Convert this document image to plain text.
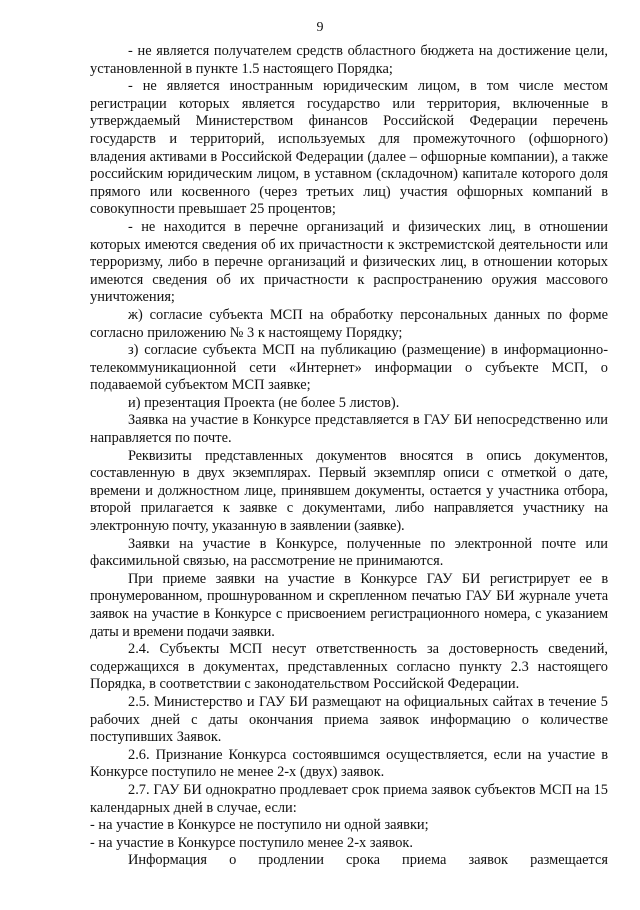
9

- не является получателем средств областного бюджета на достижение цели, установленной в пункте 1.5 настоящего Порядка;

- не является иностранным юридическим лицом, в том числе местом регистрации которых является государство или территория, включенные в утверждаемый Министерством финансов Российской Федерации перечень государств и территорий, используемых для промежуточного (офшорного) владения активами в Российской Федерации (далее – офшорные компании), а также российским юридическим лицом, в уставном (складочном) капитале которого доля прямого или косвенного (через третьих лиц) участия офшорных компаний в совокупности превышает 25 процентов;

- не находится в перечне организаций и физических лиц, в отношении которых имеются сведения об их причастности к экстремистской деятельности или терроризму, либо в перечне организаций и физических лиц, в отношении которых имеются сведения об их причастности к распространению оружия массового уничтожения;

ж) согласие субъекта МСП на обработку персональных данных по форме согласно приложению № 3 к настоящему Порядку;

з) согласие субъекта МСП на публикацию (размещение) в информационно-телекоммуникационной сети «Интернет» информации о субъекте МСП, о подаваемой субъектом МСП заявке;

и) презентация Проекта (не более 5 листов).

Заявка на участие в Конкурсе представляется в ГАУ БИ непосредственно или направляется по почте.

Реквизиты представленных документов вносятся в опись документов, составленную в двух экземплярах. Первый экземпляр описи с отметкой о дате, времени и должностном лице, принявшем документы, остается у участника отбора, второй прилагается к заявке с документами, либо направляется участнику на электронную почту, указанную в заявлении (заявке).

Заявки на участие в Конкурсе, полученные по электронной почте или факсимильной связью, на рассмотрение не принимаются.

При приеме заявки на участие в Конкурсе ГАУ БИ регистрирует ее в пронумерованном, прошнурованном и скрепленном печатью ГАУ БИ журнале учета заявок на участие в Конкурсе с присвоением регистрационного номера, с указанием даты и времени подачи заявки.

2.4. Субъекты МСП несут ответственность за достоверность сведений, содержащихся в документах, представленных согласно пункту 2.3 настоящего Порядка, в соответствии с законодательством Российской Федерации.

2.5. Министерство и ГАУ БИ размещают на официальных сайтах в течение 5 рабочих дней с даты окончания приема заявок информацию о количестве поступивших Заявок.

2.6. Признание Конкурса состоявшимся осуществляется, если на участие в Конкурсе поступило не менее 2-х (двух) заявок.

2.7. ГАУ БИ однократно продлевает срок приема заявок субъектов МСП на 15 календарных дней в случае, если:

- на участие в Конкурсе не поступило ни одной заявки;

- на участие в Конкурсе поступило менее 2-х заявок.

Информация о продлении срока приема заявок размещается
